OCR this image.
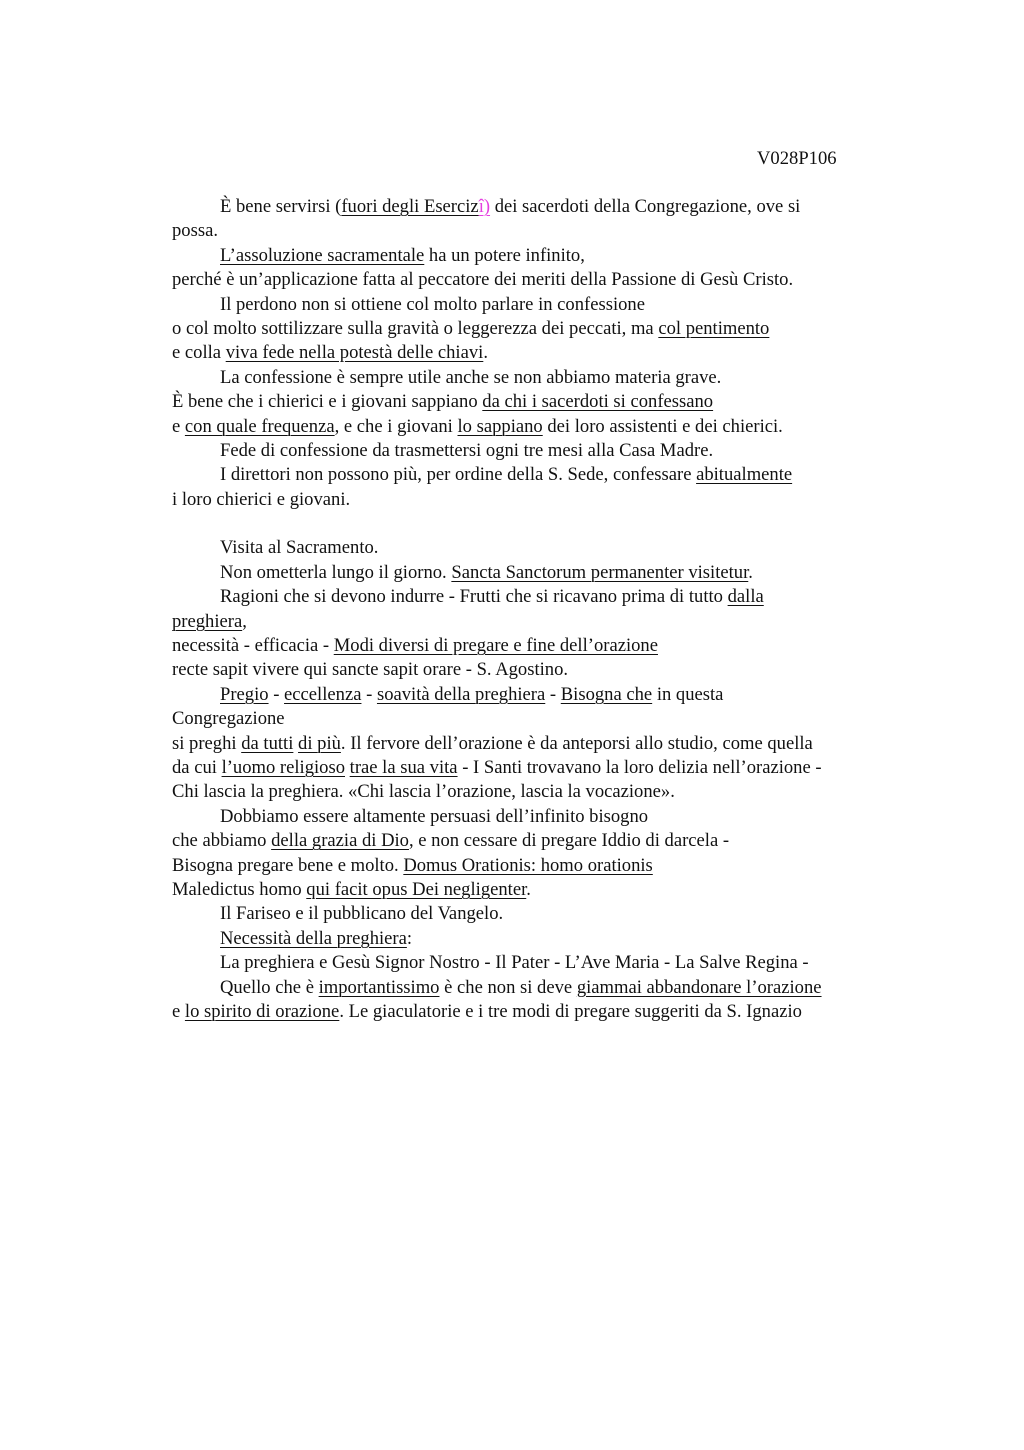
V028P106
È bene servirsi (fuori degli Esercizî) dei sacerdoti della Congregazione, ove si
possa.
L’assoluzione sacramentale ha un potere infinito,
perché è un’applicazione fatta al peccatore dei meriti della Passione di Gesù Cristo.
Il perdono non si ottiene col molto parlare in confessione
o col molto sottilizzare sulla gravità o leggerezza dei peccati, ma col pentimento
e colla viva fede nella potestà delle chiavi.
La confessione è sempre utile anche se non abbiamo materia grave.
È bene che i chierici e i giovani sappiano da chi i sacerdoti si confessano
e con quale frequenza, e che i giovani lo sappiano dei loro assistenti e dei chierici.
Fede di confessione da trasmettersi ogni tre mesi alla Casa Madre.
I direttori non possono più, per ordine della S. Sede, confessare abitualmente
i loro chierici e giovani.
Visita al Sacramento.
Non ometterla lungo il giorno. Sancta Sanctorum permanenter visitetur.
Ragioni che si devono indurre - Frutti che si ricavano prima di tutto dalla
preghiera,
necessità - efficacia - Modi diversi di pregare e fine dell’orazione
recte sapit vivere qui sancte sapit orare - S. Agostino.
Pregio - eccellenza - soavità della preghiera - Bisogna che in questa
Congregazione
si preghi da tutti di più. Il fervore dell’orazione è da anteporsi allo studio, come quella
da cui l’uomo religioso trae la sua vita - I Santi trovavano la loro delizia nell’orazione -
Chi lascia la preghiera. «Chi lascia l’orazione, lascia la vocazione».
Dobbiamo essere altamente persuasi dell’infinito bisogno
che abbiamo della grazia di Dio, e non cessare di pregare Iddio di darcela -
Bisogna pregare bene e molto. Domus Orationis: homo orationis
Maledictus homo qui facit opus Dei negligenter.
Il Fariseo e il pubblicano del Vangelo.
Necessità della preghiera:
La preghiera e Gesù Signor Nostro - Il Pater - L’Ave Maria - La Salve Regina -
Quello che è importantissimo è che non si deve giammai abbandonare l’orazione
e lo spirito di orazione. Le giaculatorie e i tre modi di pregare suggeriti da S. Ignazio
